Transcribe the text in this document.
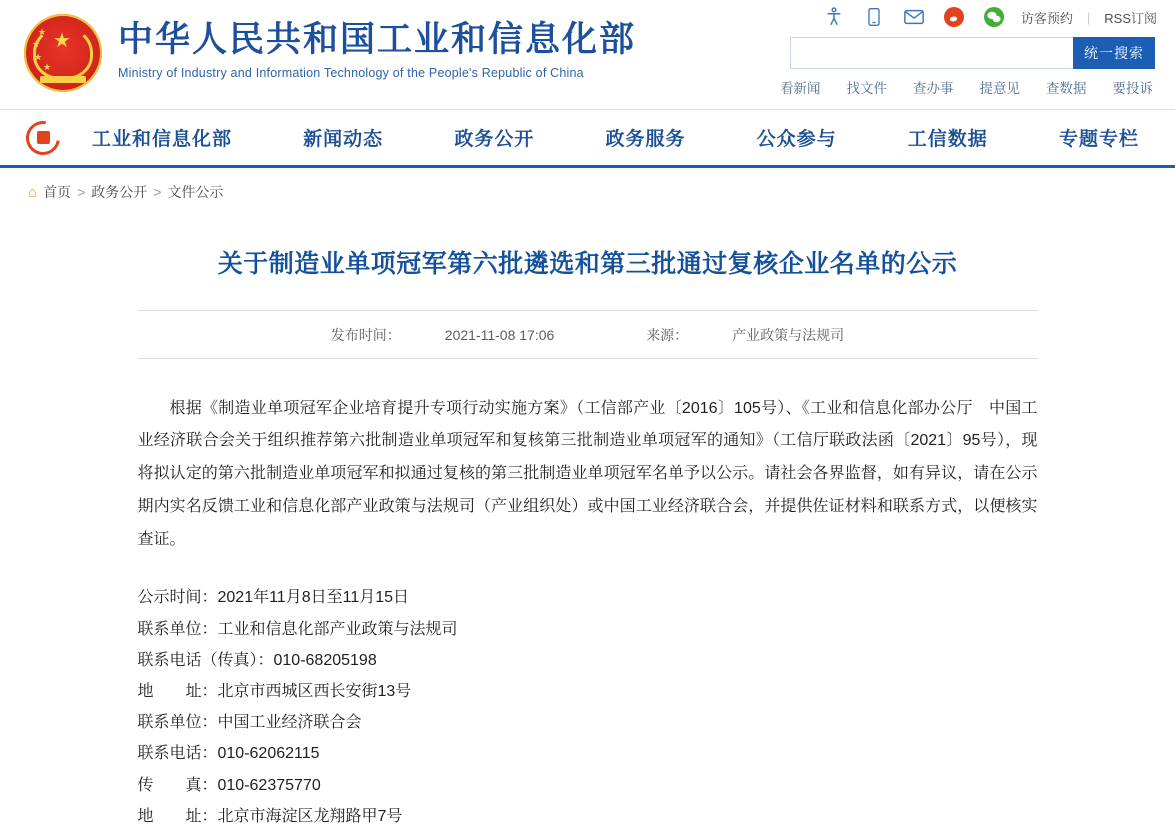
访客预约 | RSS订阅
★
★
★
★
★
中华人民共和国工业和信息化部
Ministry of Industry and Information Technology of the People's Republic of China
统一搜索
看新闻 找文件 查办事 提意见 查数据 要投诉
工业和信息化部	新闻动态	政务公开	政务服务	公众参与	工信数据	专题专栏
⌂ 首页 > 政务公开 > 文件公示
关于制造业单项冠军第六批遴选和第三批通过复核企业名单的公示
发布时间：	2021-11-08 17:06	来源：	产业政策与法规司

根据《制造业单项冠军企业培育提升专项行动实施方案》（工信部产业〔2016〕105号）、《工业和信息化部办公厅　中国工业经济联合会关于组织推荐第六批制造业单项冠军和复核第三批制造业单项冠军的通知》（工信厅联政法函〔2021〕95号），现将拟认定的第六批制造业单项冠军和拟通过复核的第三批制造业单项冠军名单予以公示。请社会各界监督，如有异议，请在公示期内实名反馈工业和信息化部产业政策与法规司（产业组织处）或中国工业经济联合会，并提供佐证材料和联系方式，以便核实查证。

公示时间：2021年11月8日至11月15日
联系单位：工业和信息化部产业政策与法规司
联系电话（传真）：010-68205198
地　　址：北京市西城区西长安街13号
联系单位：中国工业经济联合会
联系电话：010-62062115
传　　真：010-62375770
地　　址：北京市海淀区龙翔路甲7号
